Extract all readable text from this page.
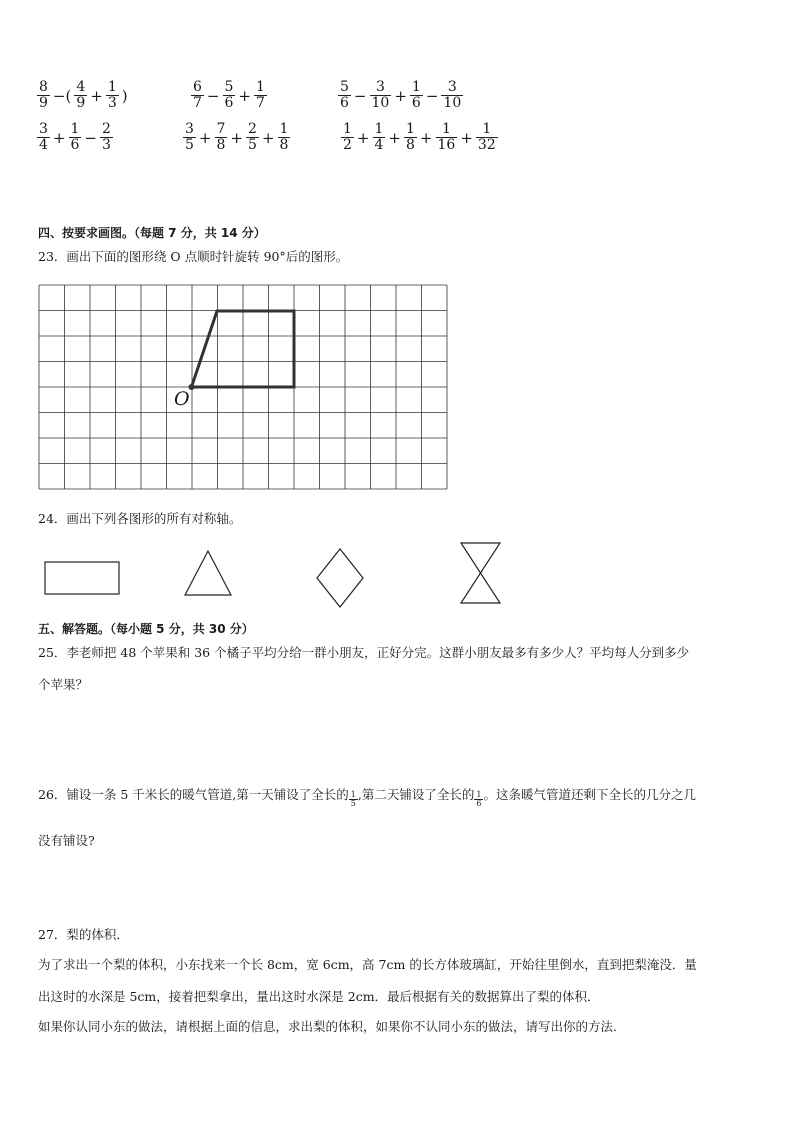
$\frac{8}{9}$ −( $\frac{4}{9} + \frac{1}{3}$ )	$\frac{6}{7} - \frac{5}{6} + \frac{1}{7}$	$\frac{5}{6} - \frac{3}{10} + \frac{1}{6} - \frac{3}{10}$
$\frac{3}{4} + \frac{1}{6} - \frac{2}{3}$	$\frac{3}{5} + \frac{7}{8} + \frac{2}{5} + \frac{1}{8}$	$\frac{1}{2} + \frac{1}{4} + \frac{1}{8} + \frac{1}{16} + \frac{1}{32}$
四、按要求画图。（每题 7 分，共 14 分）
23．画出下面的图形绕 O 点顺时针旋转 90°后的图形。
O
24．画出下列各图形的所有对称轴。
五、解答题。（每小题 5 分，共 30 分）
25．李老师把 48 个苹果和 36 个橘子平均分给一群小朋友，正好分完。这群小朋友最多有多少人？平均每人分到多少
个苹果？
26．铺设一条 5 千米长的暖气管道,第一天铺设了全长的 $\frac{1}{5}$ ,第二天铺设了全长的 $\frac{1}{6}$ 。这条暖气管道还剩下全长的几分之几
没有铺设?
27．梨的体积．
为了求出一个梨的体积，小东找来一个长 8cm，宽 6cm，高 7cm 的长方体玻璃缸，开始往里倒水，直到把梨淹没．量
出这时的水深是 5cm，接着把梨拿出，量出这时水深是 2cm．最后根据有关的数据算出了梨的体积．
如果你认同小东的做法，请根据上面的信息，求出梨的体积，如果你不认同小东的做法，请写出你的方法．
